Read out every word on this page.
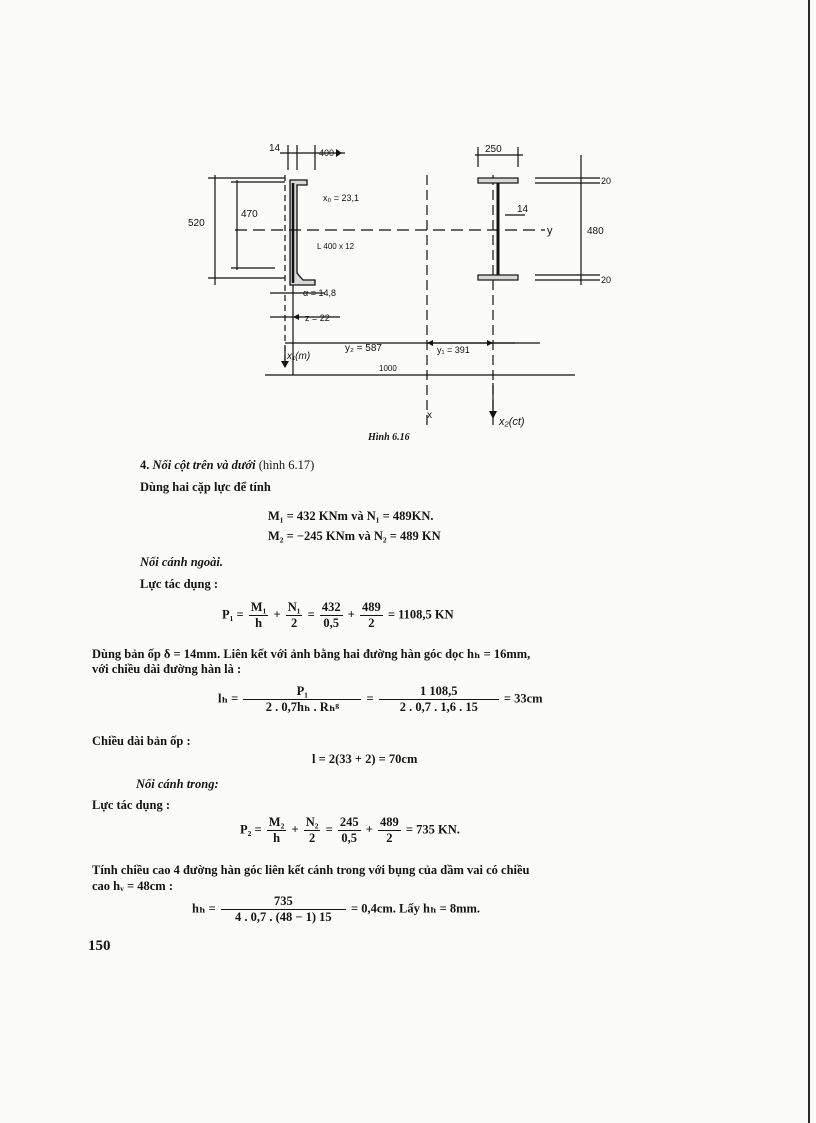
14	400
520
470
x₀ = 23,1
L 400 x 12
α = 14,8
z = 22
x₁(m)
y₂ = 587	y₁ = 391
1000
x
x₂(ct)
250
14
y	480
20
20
Hình 6.16
4. Nối cột trên và dưới (hình 6.17)
Dùng hai cặp lực để tính
M₁ = 432 KNm và N₁ = 489KN.
M₂ = −245 KNm và N₂ = 489 KN
Nối cánh ngoài.
Lực tác dụng :
$P_1 = \frac{\text{M₁}}{h} + \frac{\text{N₁}}{2} = \frac{432}{0,5} + \frac{489}{2} = 1108,5$ KN
Dùng bản ốp δ = 14mm. Liên kết với ảnh bằng hai đường hàn góc dọc hₕ = 16mm,
với chiều dài đường hàn là :
$l_h = \frac{\text{P₁}}{\text{2 . 0,7hₕ . Rₕᵍ}} = \frac{1 108,5}{2 . 0,7 . 1,6 . 15} = 33cm$
Chiều dài bản ốp :
l = 2(33 + 2) = 70cm
Nối cánh trong:
Lực tác dụng :
$P_2 = \frac{\text{M₂}}{h} + \frac{\text{N₂}}{2} = \frac{245}{0,5} + \frac{489}{2} = 735$ KN.
Tính chiều cao 4 đường hàn góc liên kết cánh trong với bụng của dầm vai có chiều
cao hᵥ = 48cm :
$h_h = \frac{735}{4 . 0,7 . (48 - 1) 15} = 0,4cm$. Lấy hₕ = 8mm.
150
